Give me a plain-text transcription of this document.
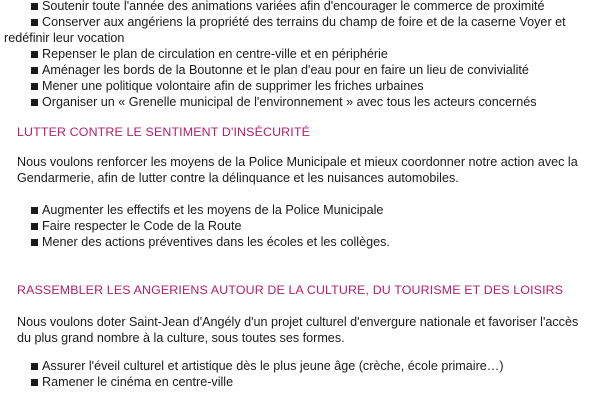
Soutenir toute l'année des animations variées afin d'encourager le commerce de proximité
Conserver aux angériens la propriété des terrains du champ de foire et de la caserne Voyer et
redéfinir leur vocation
Repenser le plan de circulation en centre-ville et en périphérie
Aménager les bords de la Boutonne et le plan d'eau pour en faire un lieu de convivialité
Mener une politique volontaire afin de supprimer les friches urbaines
Organiser un « Grenelle municipal de l'environnement » avec tous les acteurs concernés
LUTTER CONTRE LE SENTIMENT D'INSÉCURITÉ
Nous voulons renforcer les moyens de la Police Municipale et mieux coordonner notre action avec la
Gendarmerie, afin de lutter contre la délinquance et les nuisances automobiles.
Augmenter les effectifs et les moyens de la Police Municipale
Faire respecter le Code de la Route
Mener des actions préventives dans les écoles et les collèges.
RASSEMBLER LES ANGERIENS AUTOUR DE LA CULTURE, DU TOURISME ET DES LOISIRS
Nous voulons doter Saint-Jean d'Angély d'un projet culturel d'envergure nationale et favoriser l'accès
du plus grand nombre à la culture, sous toutes ses formes.
Assurer l'éveil culturel et artistique dès le plus jeune âge (crèche, école primaire…)
Ramener le cinéma en centre-ville
